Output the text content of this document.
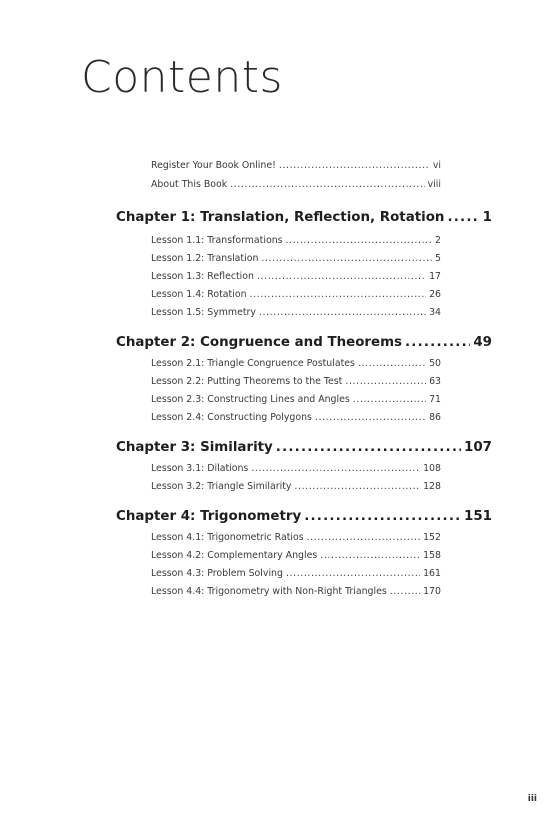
Contents
Register Your Book Online! .....	vi
About This Book .....	viii
Chapter 1: Translation, Reflection, Rotation .....	1
Lesson 1.1: Transformations .....	2
Lesson 1.2: Translation .....	5
Lesson 1.3: Reflection .....	17
Lesson 1.4: Rotation .....	26
Lesson 1.5: Symmetry .....	34
Chapter 2: Congruence and Theorems .....	49
Lesson 2.1: Triangle Congruence Postulates .....	50
Lesson 2.2: Putting Theorems to the Test .....	63
Lesson 2.3: Constructing Lines and Angles .....	71
Lesson 2.4: Constructing Polygons .....	86
Chapter 3: Similarity .....	107
Lesson 3.1: Dilations .....	108
Lesson 3.2: Triangle Similarity .....	128
Chapter 4: Trigonometry .....	151
Lesson 4.1: Trigonometric Ratios .....	152
Lesson 4.2: Complementary Angles .....	158
Lesson 4.3: Problem Solving .....	161
Lesson 4.4: Trigonometry with Non-Right Triangles .....	170
iii
